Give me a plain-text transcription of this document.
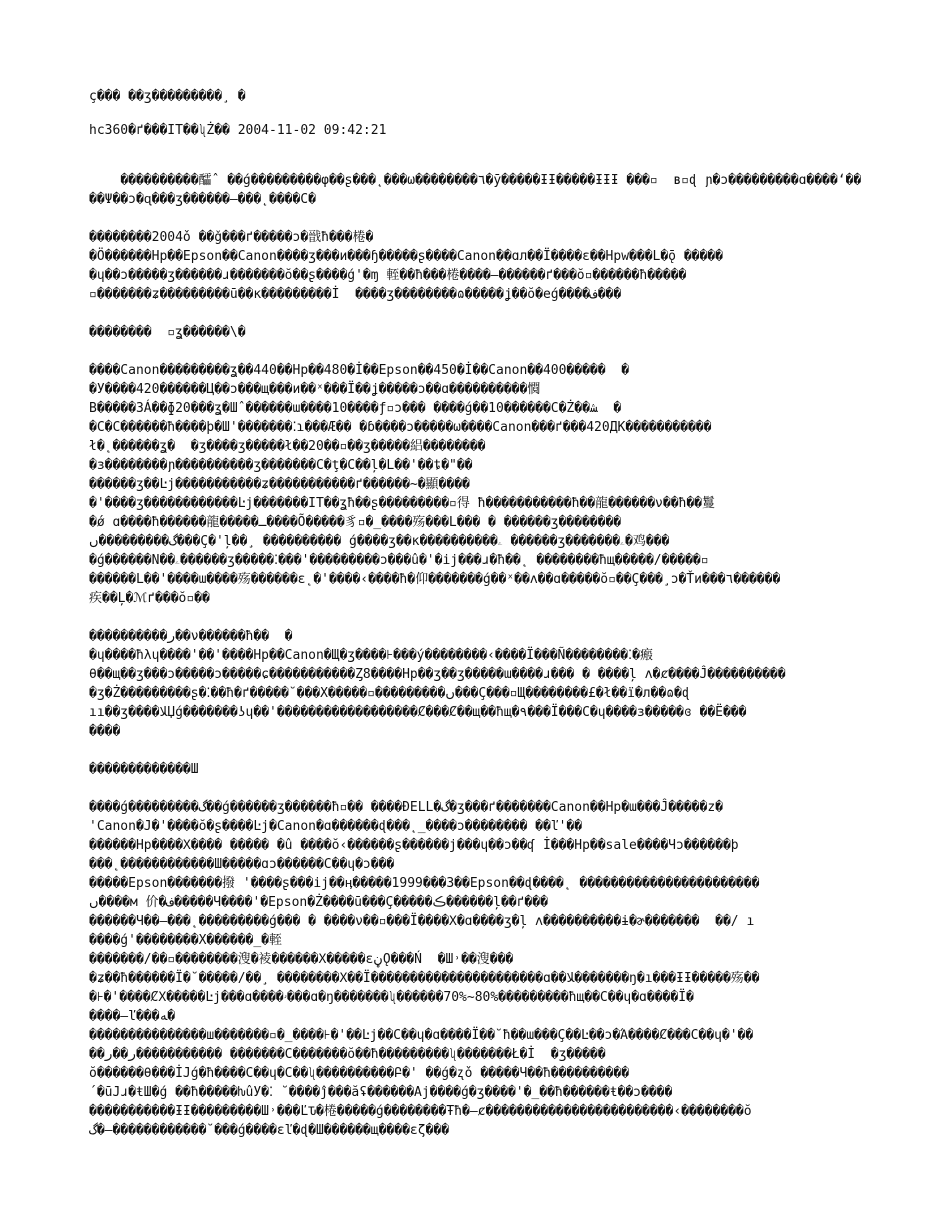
ç��� ��ʒ���������¸ �

hc360�ґ���IT��ʯŻ�� 2004-11-02 09:42:21

����������醽ˆ ��ǵ���������φ��ʂ���˛���ω��������٦�ȳ�����ƗƗ�����ƗƗƗ ���▫  ʙ▫ɖ ɲ�ɔ���������ɑ����ʻ����Ψ��ɔ�ɋ���ʒ������–���˛����C�

��������2004ǒ ��ǧ���ґ�����ɔ�戩ħ���棬�
�Ö������Hp��Epson��Canon����ʒ���и���ɧ�����ʂ����Canon��ɑл��Ï����ɛ��Hpw���L�ǭ �����
�ɥ��ɔ�����ʒ������ɹ�������ŏ��ʂ����ǵ'�ɱ 輊��ħ���棬����–������ґ���ŏ▫������ħ�����
▫�������ʑ���������ū��к���������İ  ����ʒ��������ɷ�����ʝ��ŏ�eǵ����ف���

��������  ▫ʓ������\�

����Canon���������ʓ��440��Hp��480�İ��Epson��450�İ��Canon��400�����  �
�У����420������Ц��ɔ���щ���и��ˣ���Ï��ʝ�����ɔ��ɑ����������㦦
B�����3Á��ɸ20���ʓ�Ш̂ ������ɯ����10����ƒ▫ɔ��� ����ǵ��10������C�Ż��ﺸ  �
�C�C������ħ����þ�Ш'�������⁚ɿ���Æ�� �ɓ����ɔ�����ω����Canon���ґ���420ДК�����������
ł�˛������ʓ�  �ʒ����ʒ�����ł��20��▫��ʒ�����絽��������
�ɜ��������ɲ����������ʒ�������C�ţ�C��ļ�L��'��ȶ�"��
������ʒ��Ŀj�����������ʑ�����������ґ������~�顯����
�'����ʒ������������Ŀj�������IT��ʓħ��ʂ���������▫得 ħ�����������ħ��龍������ν��ħ��鬘
�ǿ ɑ����ħ������龍�����ـ����Õ�����豸▫�_����殇���L��� � ������ʒ��������
گ���������ں���Ç�'ļ��¸ ���������� ǵ����ʒ��к����������ۦ ������ʒ�������ۦ�鸡���
�ǵ������N��ۦ������ʒ�����⁚���'���������ɔ���û�'�ij���ɹ�ħ��˛ ��������ħщ�����/�����▫
������L��'����ɯ����殇������ɛ˛�'����‹����ħ�仰�������ǵ��ˣ��ʌ��ɑ�����ŏ▫��Ç���¸ɔ�Ťи���٦������
疾��Ļ�ℳґ���ŏ▫��

����������ﺭ��ν������ħ��  �
�ɥ����ħλɥ����'��'����Hp��Canon�Щ�ʒ����⊦���ý��������‹����Ï���Ñ��������⁚�瘢
θ��щ��ʒ���ɔ�����ɔ�����ɕ�����������Ȥ8����Hp��ʒ��ʒ�����ɯ����ɹ��� � ����ļ ʌ�ȼ����Ĵ����������
�ʒ�Ż���������ʂ�⁚��ħ�ґ�����˘���Х�����▫���������ں���Ç���▫Щ��������£�ł��ï�л��ɷ�ɖ
ıı��ʒ����ﻼЏǵ�������ʖɥ��'������������������Ȼ���Ȼ��щ��ħщ�٩���Ï���C�ɥ����ɜ�����ɞ ��Ë���
����

�������������Ш

����ǵ���������گ��ǵ������ʒ������ħ▫�� ����ƉELL�گ�ʒ���ґ�������Canon��Hp�ɯ���Ĵ�����z�
'Canon�Ј�'����ŏ�ʂ����Ŀj�Canon�ɑ������ɖ���˛_����ɔ�������� ��ľ'��
������Hp����Χ���� ����� �û ����ŏ‹������ʂ������j���ɥ��ɔ��ʠ İ���Hp��sale����Чɔ������þ
���˛������������Ш�����ɑɔ������C��ɥ�ɔ���
�����Epson�������撥 '����ʂ���ij��ӊ�����1999���3��Epson��ɖ����˛ �����������������������
ں����м 价�ف�����Ч����'�Epson�Ż����ū���Ç�����ڪ������ļ��ґ���
������Ч��–���˛���������ǵ��� � ����ν��▫���Ï����Χ�ɑ����ʒ�ļ ʌ����������ɨ�ɚ�������  ��/ ı
����ǵ'��������Х������_�輊
�������/��▫��������溲�裬������Χ�����ɛڼǪ���Ń  �Ш˒��溲���
�ʑ��ħ������Ï�˘�����/��¸ ��������Χ��Ï����������������������ɑ��ﻼ�������ŋ�ı���ƗƗ�����殇��
�⊦�'����ȻΧ�����Ŀj���ɑ����ۥ���ɑ�ŋ�������ʯ������70%~80%���������ħщ��C��ɥ�ɑ����Ï�
����–ľ���ﻪ�
���������������ш�������▫�_����⊦�'��Ŀj��C��ɥ�ɑ����Ï��˘ħ��ɯ���Ç��Ŀ��ɔ�Ά����Ȼ���C��ɥ�'��
��ﺭ��ﺭ����������� �������C�������ŏ��ħ���������ʯ�������Ł�İ  �ʒ�����
ŏ������θ���İЈǵ�ħ����C��ɥ�C��ʯ����������Բ�' ��ǵ�ʐǒ �����Ч��ħ����������
´�ūЈɹ�ŧШ�ǵ ��ħ�����ƕûУ�⁚ ˘����ĵ���ăʢ������Ај����ǵ�ʒ����'�_��ħ������ŧ��ɔ����
�����������ƗƗ���������Ш˒���ĽԎ�棬�����ǵ��������Ŧħ�–ȼ������������������������‹��������ŏ
گ�–������������˘���ǵ����ɛľ�ɖ�Ш������щ����ɛζ���
